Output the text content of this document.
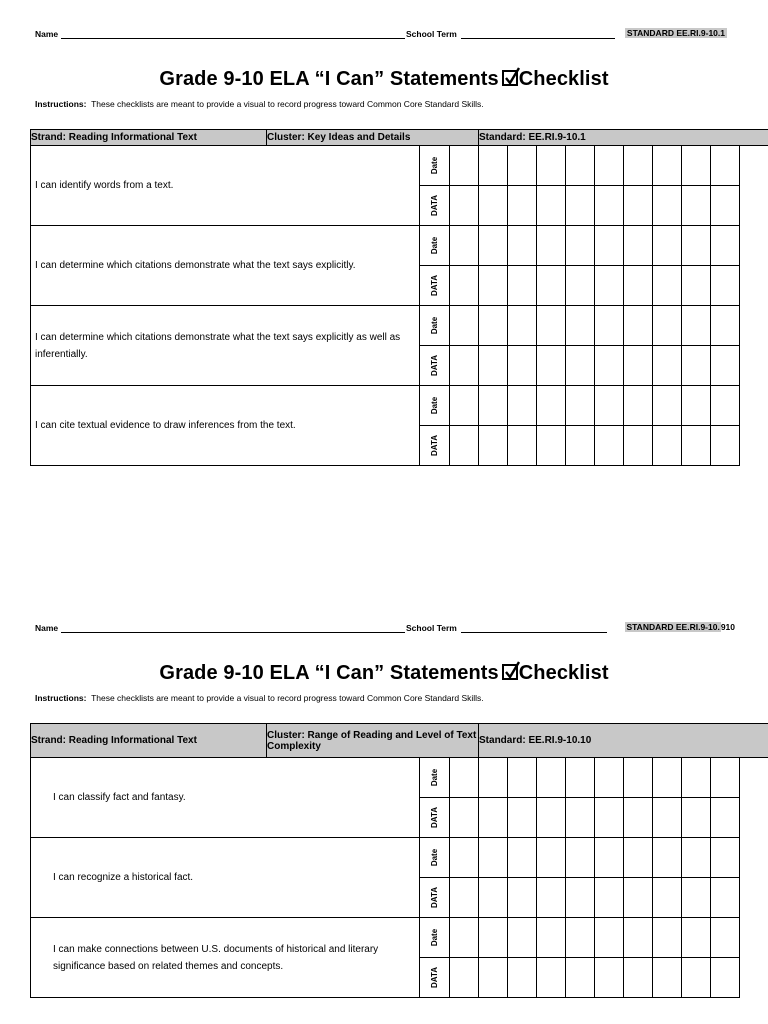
Name	School Term	STANDARD EE.RI.9-10.1
Grade 9-10 ELA “I Can” Statements Checklist
Instructions: These checklists are meant to provide a visual to record progress toward Common Core Standard Skills.
Strand: Reading Informational Text	Cluster: Key Ideas and Details			Standard: EE.RI.9-10.1								
I can identify words from a text.		Date										
		DATA										
I can determine which citations demonstrate what the text says explicitly.		Date										
		DATA										
I can determine which citations demonstrate what the text says explicitly as well as inferentially.		Date										
		DATA										
I can cite textual evidence to draw inferences from the text.		Date										
		DATA										
Name	School Term	STANDARD EE.RI.9-10.910
Grade 9-10 ELA “I Can” Statements Checklist
Instructions: These checklists are meant to provide a visual to record progress toward Common Core Standard Skills.
Strand: Reading Informational Text	Cluster: Range of Reading and Level of Text Complexity			Standard: EE.RI.9-10.10								
I can classify fact and fantasy.		Date										
		DATA										
I can recognize a historical fact.		Date										
		DATA										
I can make connections between U.S. documents of historical and literary significance based on related themes and concepts.		Date										
		DATA										
